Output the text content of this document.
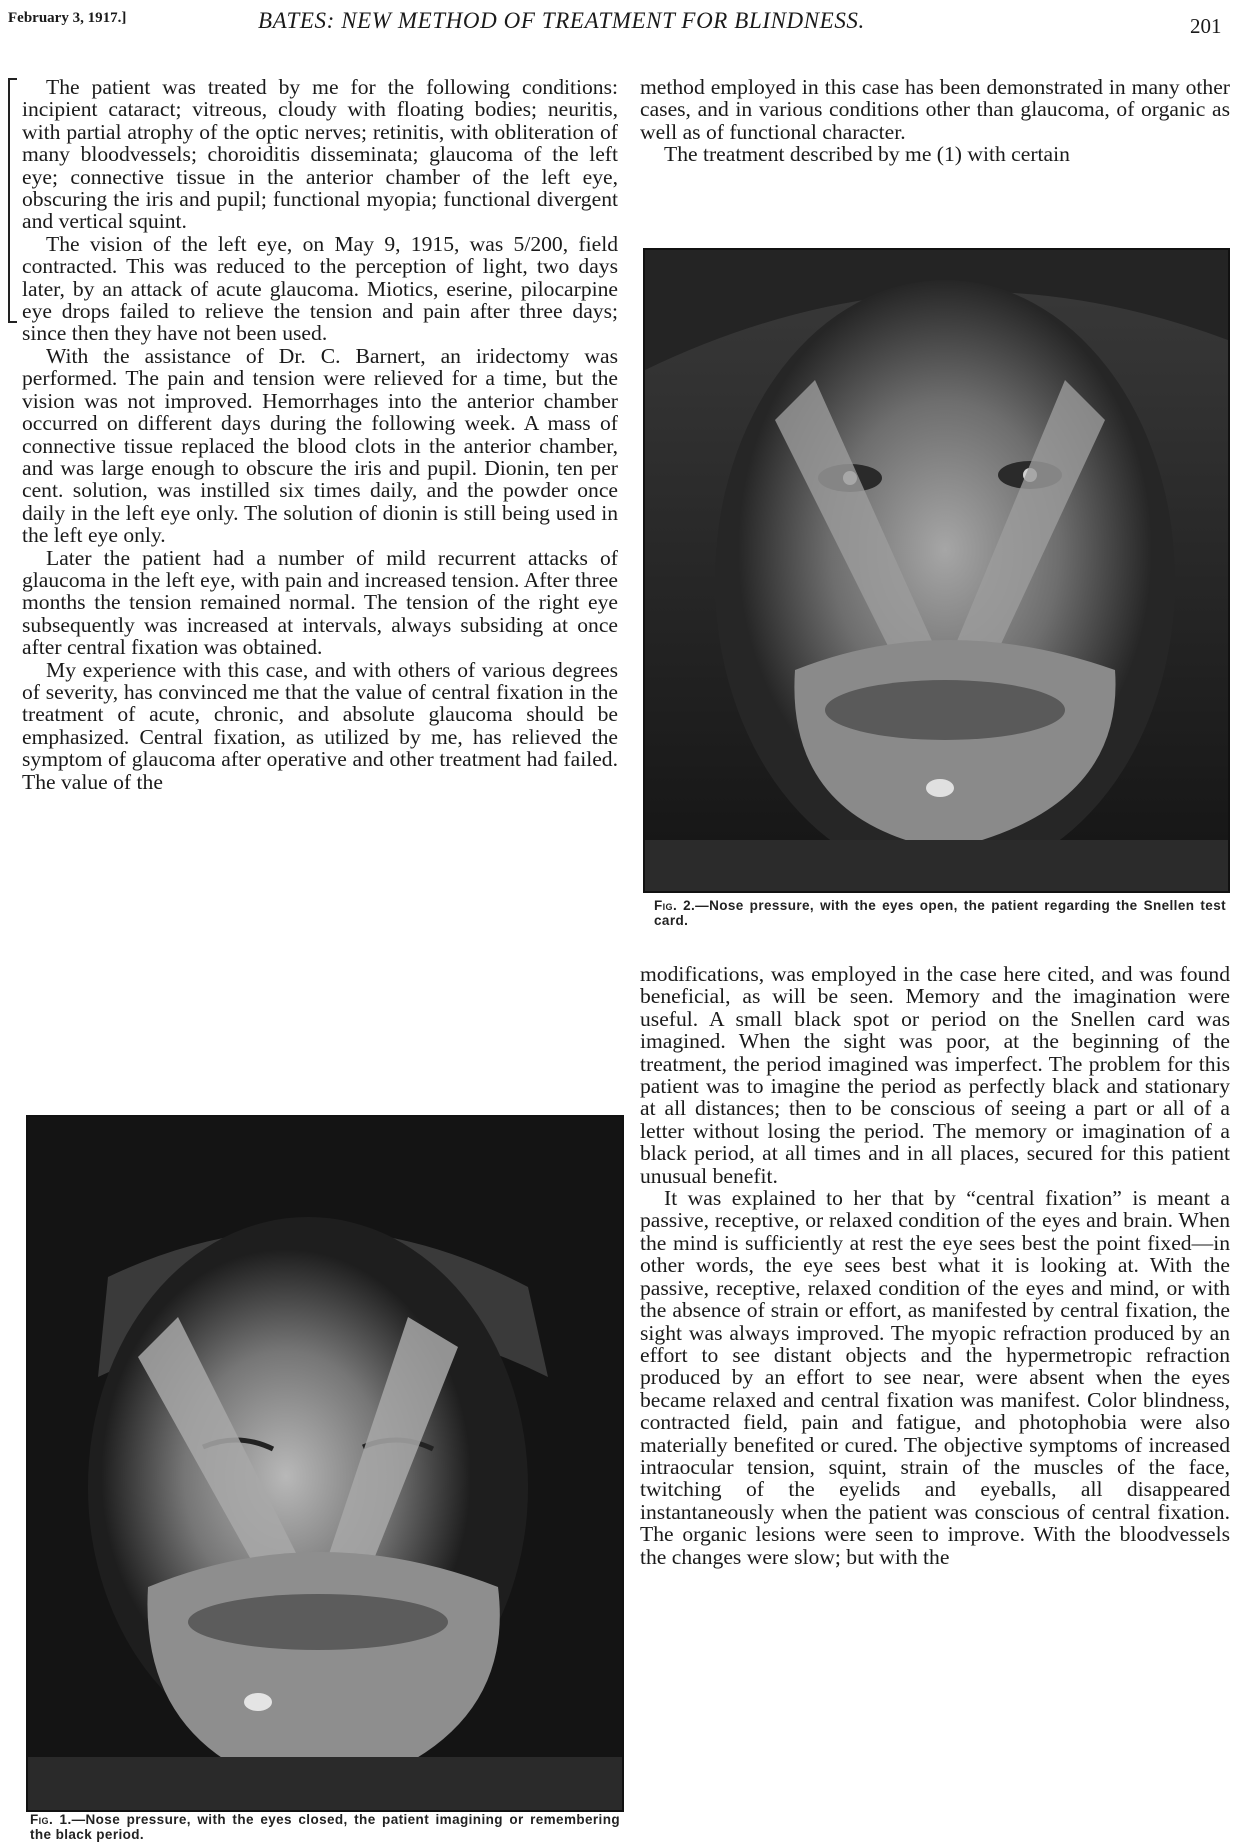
February 3, 1917.]	BATES: NEW METHOD OF TREATMENT FOR BLINDNESS.	201

The patient was treated by me for the following conditions: incipient cataract; vitreous, cloudy with floating bodies; neuritis, with partial atrophy of the optic nerves; retinitis, with obliteration of many bloodvessels; choroiditis disseminata; glaucoma of the left eye; connective tissue in the anterior chamber of the left eye, obscuring the iris and pupil; functional myopia; functional divergent and vertical squint.

The vision of the left eye, on May 9, 1915, was 5/200, field contracted. This was reduced to the perception of light, two days later, by an attack of acute glaucoma. Miotics, eserine, pilocarpine eye drops failed to relieve the tension and pain after three days; since then they have not been used.

With the assistance of Dr. C. Barnert, an iridectomy was performed. The pain and tension were relieved for a time, but the vision was not improved. Hemorrhages into the anterior chamber occurred on different days during the following week. A mass of connective tissue replaced the blood clots in the anterior chamber, and was large enough to obscure the iris and pupil. Dionin, ten per cent. solution, was instilled six times daily, and the powder once daily in the left eye only. The solution of dionin is still being used in the left eye only.

Later the patient had a number of mild recurrent attacks of glaucoma in the left eye, with pain and increased tension. After three months the tension remained normal. The tension of the right eye subsequently was increased at intervals, always subsiding at once after central fixation was obtained.

My experience with this case, and with others of various degrees of severity, has convinced me that the value of central fixation in the treatment of acute, chronic, and absolute glaucoma should be emphasized. Central fixation, as utilized by me, has relieved the symptom of glaucoma after operative and other treatment had failed. The value of the

method employed in this case has been demonstrated in many other cases, and in various conditions other than glaucoma, of organic as well as of functional character.

The treatment described by me (1) with certain

Fig. 2.—Nose pressure, with the eyes open, the patient regarding the Snellen test card.

modifications, was employed in the case here cited, and was found beneficial, as will be seen. Memory and the imagination were useful. A small black spot or period on the Snellen card was imagined. When the sight was poor, at the beginning of the treatment, the period imagined was imperfect. The problem for this patient was to imagine the period as perfectly black and stationary at all distances; then to be conscious of seeing a part or all of a letter without losing the period. The memory or imagination of a black period, at all times and in all places, secured for this patient unusual benefit.

It was explained to her that by “central fixation” is meant a passive, receptive, or relaxed condition of the eyes and brain. When the mind is sufficiently at rest the eye sees best the point fixed—in other words, the eye sees best what it is looking at. With the passive, receptive, relaxed condition of the eyes and mind, or with the absence of strain or effort, as manifested by central fixation, the sight was always improved. The myopic refraction produced by an effort to see distant objects and the hypermetropic refraction produced by an effort to see near, were absent when the eyes became relaxed and central fixation was manifest. Color blindness, contracted field, pain and fatigue, and photophobia were also materially benefited or cured. The objective symptoms of increased intraocular tension, squint, strain of the muscles of the face, twitching of the eyelids and eyeballs, all disappeared instantaneously when the patient was conscious of central fixation. The organic lesions were seen to improve. With the bloodvessels the changes were slow; but with the

Fig. 1.—Nose pressure, with the eyes closed, the patient imagining or remembering the black period.
